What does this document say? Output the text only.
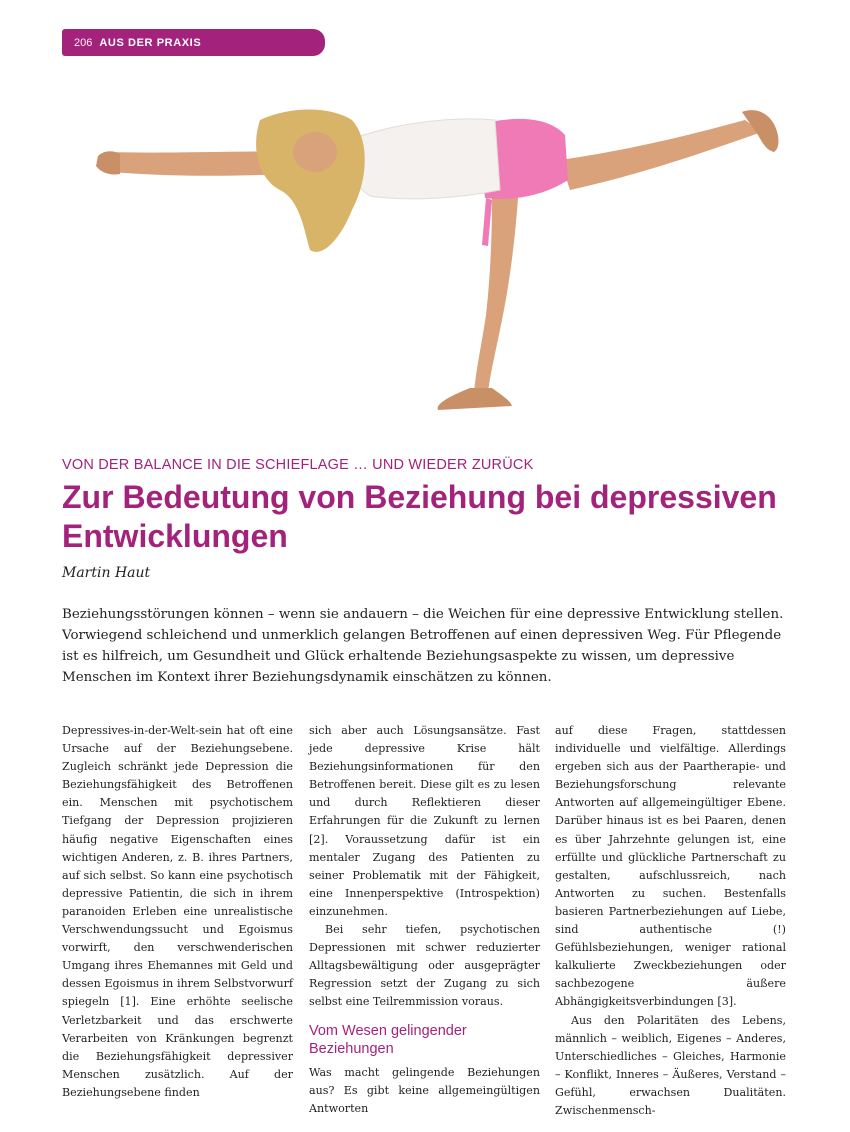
206 AUS DER PRAXIS
VON DER BALANCE IN DIE SCHIEFLAGE … UND WIEDER ZURÜCK
Zur Bedeutung von Beziehung bei depressiven Entwicklungen
Martin Haut

Beziehungsstörungen können – wenn sie andauern – die Weichen für eine depressive Entwicklung stellen. Vorwiegend schleichend und unmerklich gelangen Betroffenen auf einen depressiven Weg. Für Pflegende ist es hilfreich, um Gesundheit und Glück erhaltende Beziehungsaspekte zu wissen, um depressive Menschen im Kontext ihrer Beziehungsdynamik einschätzen zu können.

Depressives-in-der-Welt-sein hat oft eine Ursache auf der Beziehungsebene. Zugleich schränkt jede Depression die Beziehungsfähigkeit des Betroffenen ein. Menschen mit psychotischem Tiefgang der Depression projizieren häufig negative Eigenschaften eines wichtigen Anderen, z. B. ihres Partners, auf sich selbst. So kann eine psychotisch depressive Patientin, die sich in ihrem paranoiden Erleben eine unrealistische Verschwendungssucht und Egoismus vorwirft, den verschwenderischen Umgang ihres Ehemannes mit Geld und dessen Egoismus in ihrem Selbstvorwurf spiegeln [1]. Eine erhöhte seelische Verletzbarkeit und das erschwerte Verarbeiten von Kränkungen begrenzt die Beziehungsfähigkeit depressiver Menschen zusätzlich. Auf der Beziehungsebene finden

sich aber auch Lösungsansätze. Fast jede depressive Krise hält Beziehungsinformationen für den Betroffenen bereit. Diese gilt es zu lesen und durch Reflektieren dieser Erfahrungen für die Zukunft zu lernen [2]. Voraussetzung dafür ist ein mentaler Zugang des Patienten zu seiner Problematik mit der Fähigkeit, eine Innenperspektive (Introspektion) einzunehmen.

Bei sehr tiefen, psychotischen Depressionen mit schwer reduzierter Alltagsbewältigung oder ausgeprägter Regression setzt der Zugang zu sich selbst eine Teilremmission voraus.

Vom Wesen gelingender Beziehungen

Was macht gelingende Beziehungen aus? Es gibt keine allgemeingültigen Antworten

auf diese Fragen, stattdessen individuelle und vielfältige. Allerdings ergeben sich aus der Paartherapie- und Beziehungsforschung relevante Antworten auf allgemeingültiger Ebene. Darüber hinaus ist es bei Paaren, denen es über Jahrzehnte gelungen ist, eine erfüllte und glückliche Partnerschaft zu gestalten, aufschlussreich, nach Antworten zu suchen. Bestenfalls basieren Partnerbeziehungen auf Liebe, sind authentische (!) Gefühlsbeziehungen, weniger rational kalkulierte Zweckbeziehungen oder sachbezogene äußere Abhängigkeitsverbindungen [3].

Aus den Polaritäten des Lebens, männlich – weiblich, Eigenes – Anderes, Unterschiedliches – Gleiches, Harmonie – Konflikt, Inneres – Äußeres, Verstand – Gefühl, erwachsen Dualitäten. Zwischenmensch-
